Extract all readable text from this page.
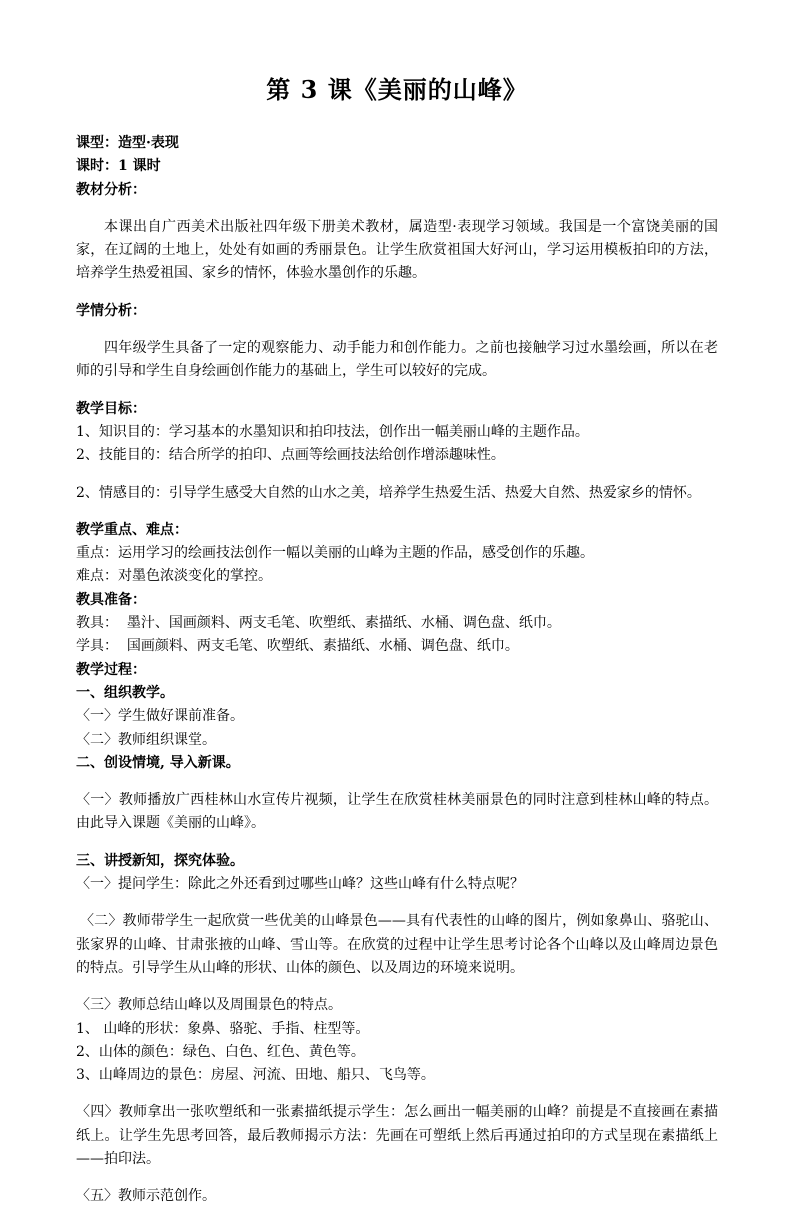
第 3 课《美丽的山峰》

课型：造型·表现

课时：1 课时

教材分析：

本课出自广西美术出版社四年级下册美术教材，属造型·表现学习领域。我国是一个富饶美丽的国家，在辽阔的土地上，处处有如画的秀丽景色。让学生欣赏祖国大好河山，学习运用模板拍印的方法，培养学生热爱祖国、家乡的情怀，体验水墨创作的乐趣。

学情分析：

四年级学生具备了一定的观察能力、动手能力和创作能力。之前也接触学习过水墨绘画，所以在老师的引导和学生自身绘画创作能力的基础上，学生可以较好的完成。

教学目标：

1、知识目的：学习基本的水墨知识和拍印技法，创作出一幅美丽山峰的主题作品。

2、技能目的：结合所学的拍印、点画等绘画技法给创作增添趣味性。

2、情感目的：引导学生感受大自然的山水之美，培养学生热爱生活、热爱大自然、热爱家乡的情怀。

教学重点、难点：

重点：运用学习的绘画技法创作一幅以美丽的山峰为主题的作品，感受创作的乐趣。

难点：对墨色浓淡变化的掌控。

教具准备：

教具：  墨汁、国画颜料、两支毛笔、吹塑纸、素描纸、水桶、调色盘、纸巾。

学具：  国画颜料、两支毛笔、吹塑纸、素描纸、水桶、调色盘、纸巾。

教学过程：

一、组织教学。

〈一〉学生做好课前准备。

〈二〉教师组织课堂。

二、创设情境, 导入新课。

〈一〉教师播放广西桂林山水宣传片视频，让学生在欣赏桂林美丽景色的同时注意到桂林山峰的特点。由此导入课题《美丽的山峰》。

三、讲授新知，探究体验。

〈一〉提问学生：除此之外还看到过哪些山峰？这些山峰有什么特点呢？

〈二〉教师带学生一起欣赏一些优美的山峰景色——具有代表性的山峰的图片，例如象鼻山、骆驼山、张家界的山峰、甘肃张掖的山峰、雪山等。在欣赏的过程中让学生思考讨论各个山峰以及山峰周边景色的特点。引导学生从山峰的形状、山体的颜色、以及周边的环境来说明。

〈三〉教师总结山峰以及周围景色的特点。

1、 山峰的形状：象鼻、骆驼、手指、柱型等。

2、山体的颜色：绿色、白色、红色、黄色等。

3、山峰周边的景色：房屋、河流、田地、船只、飞鸟等。

〈四〉教师拿出一张吹塑纸和一张素描纸提示学生：怎么画出一幅美丽的山峰？前提是不直接画在素描纸上。让学生先思考回答，最后教师揭示方法：先画在可塑纸上然后再通过拍印的方式呈现在素描纸上——拍印法。

〈五〉教师示范创作。
